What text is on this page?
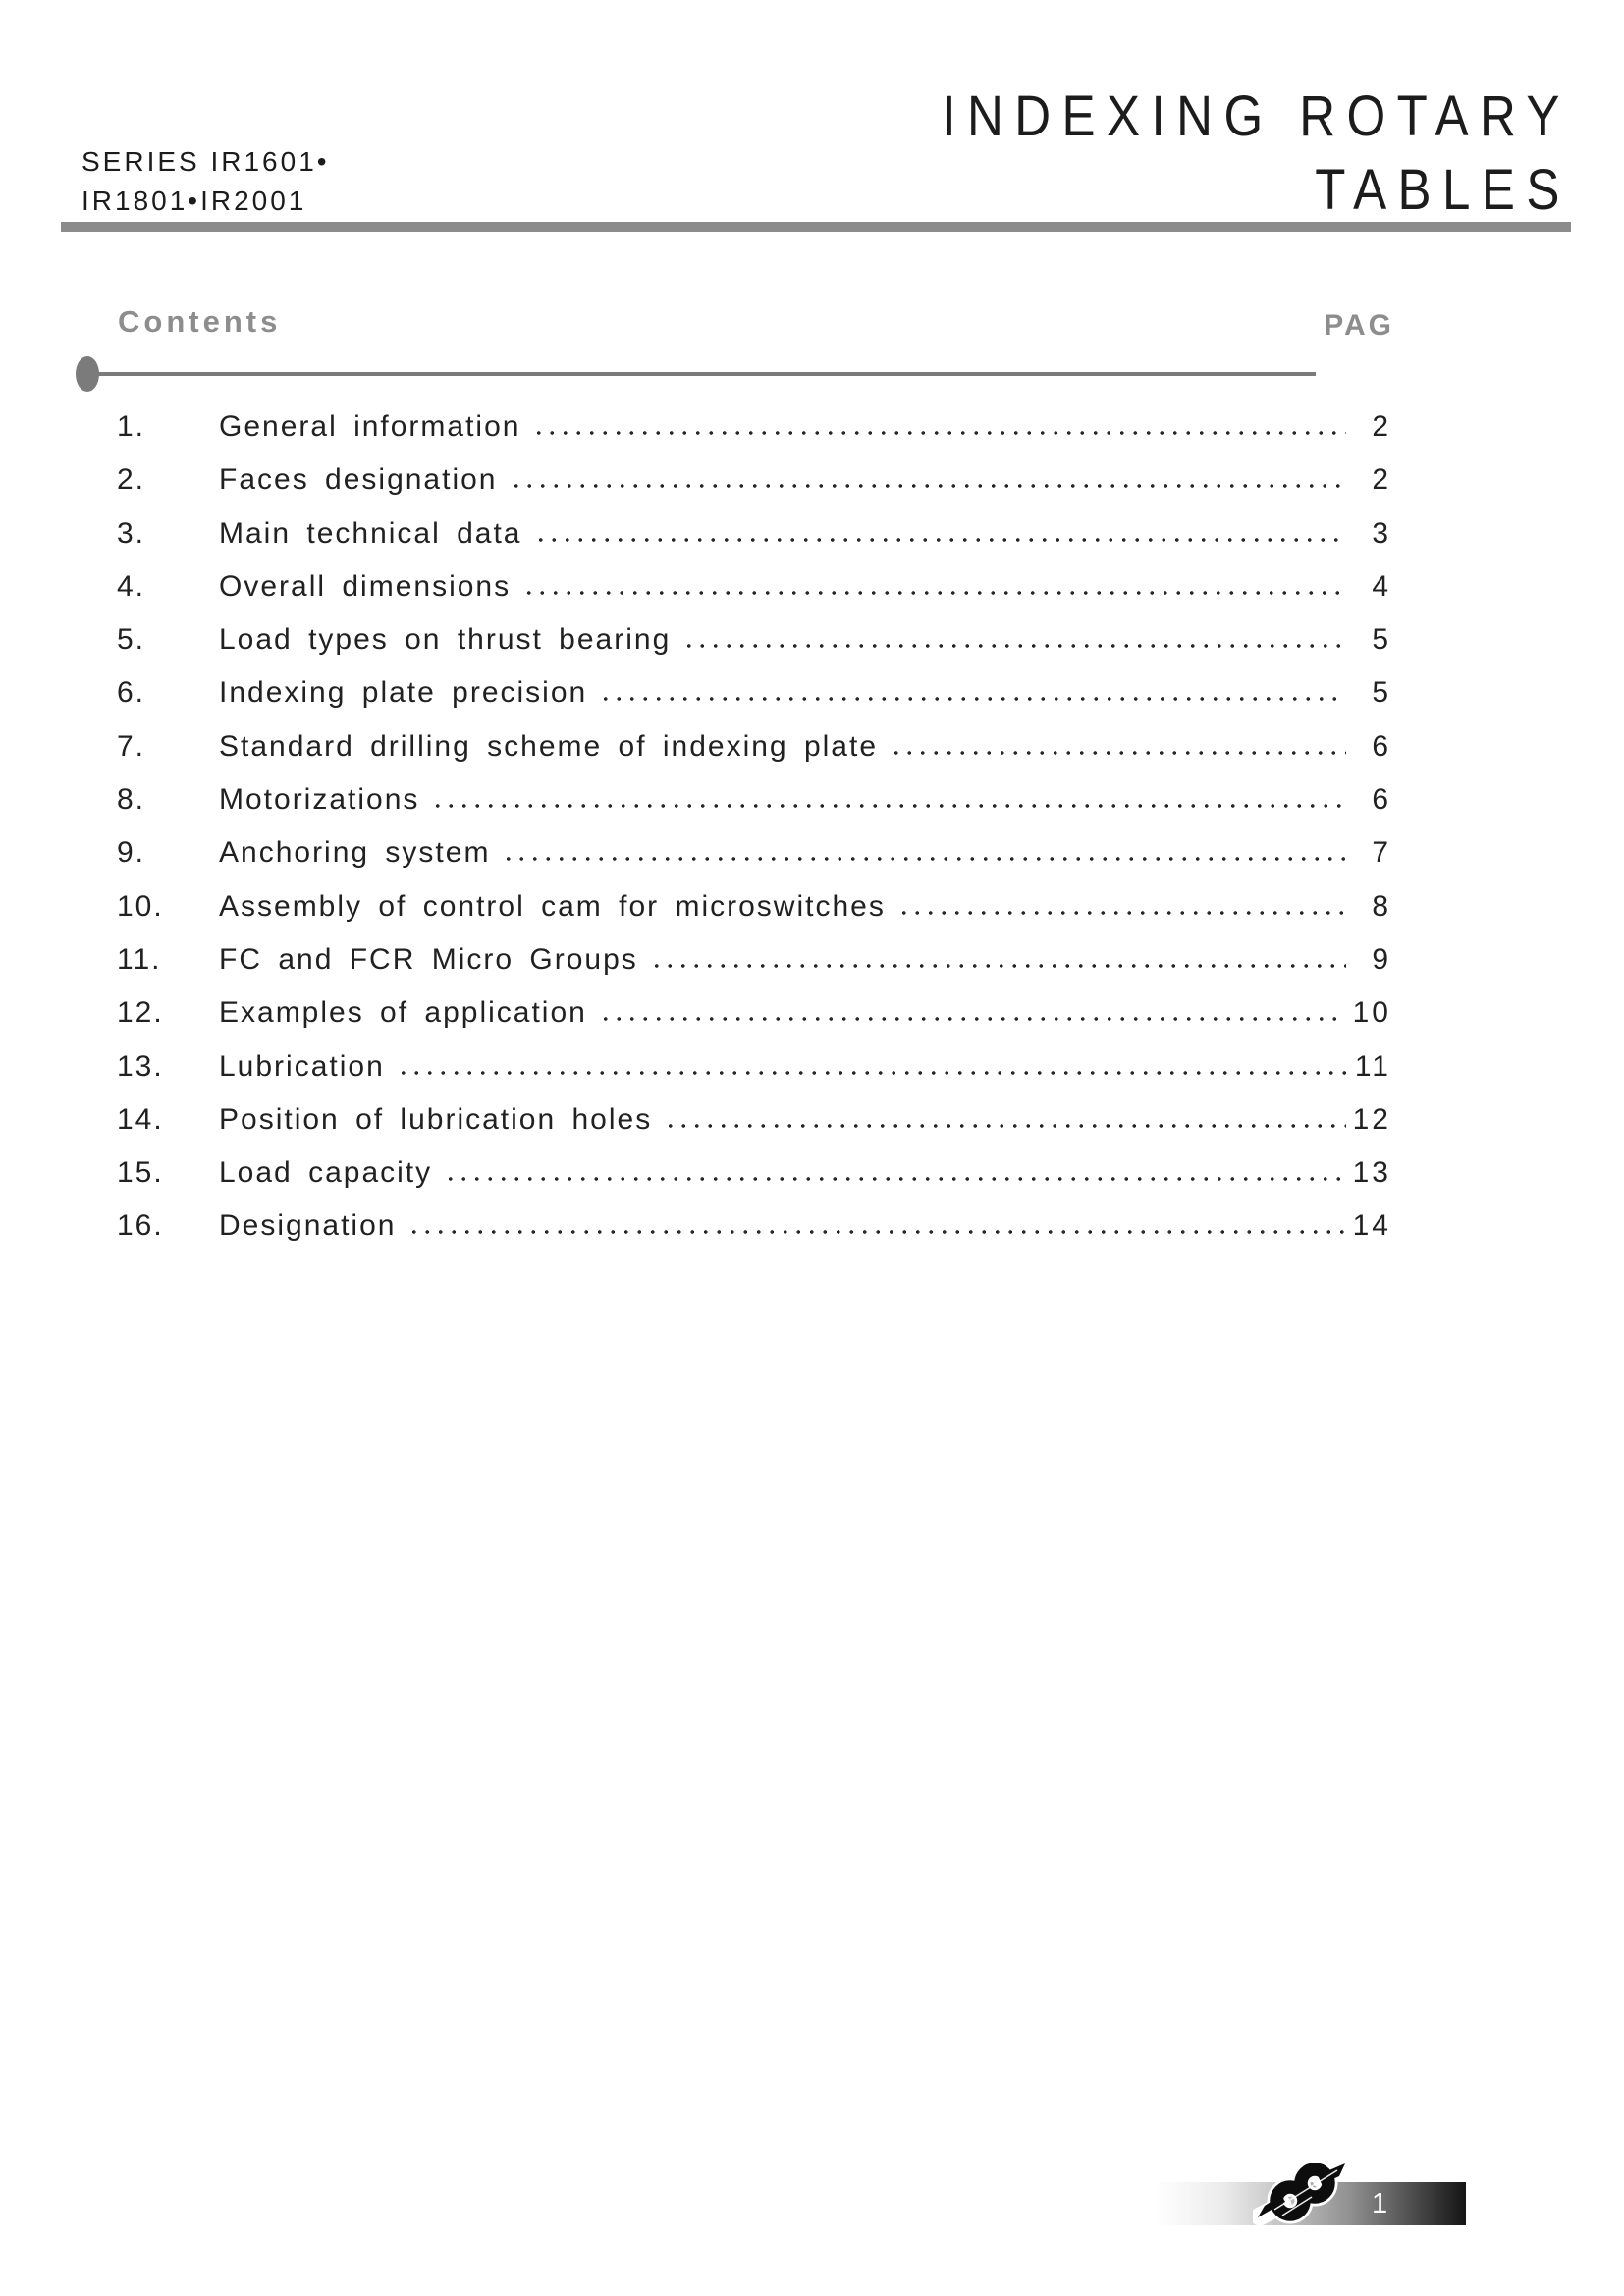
SERIES IR1601•
IR1801•IR2001
INDEXING ROTARY
TABLES
Contents	PAG
1.	General information	2
2.	Faces designation	2
3.	Main technical data	3
4.	Overall dimensions	4
5.	Load types on thrust bearing	5
6.	Indexing plate precision	5
7.	Standard drilling scheme of indexing plate	6
8.	Motorizations	6
9.	Anchoring system	7
10.	Assembly of control cam for microswitches	8
11.	FC and FCR Micro Groups	9
12.	Examples of application	10
13.	Lubrication	11
14.	Position of lubrication holes	12
15.	Load capacity	13
16.	Designation	14
1
